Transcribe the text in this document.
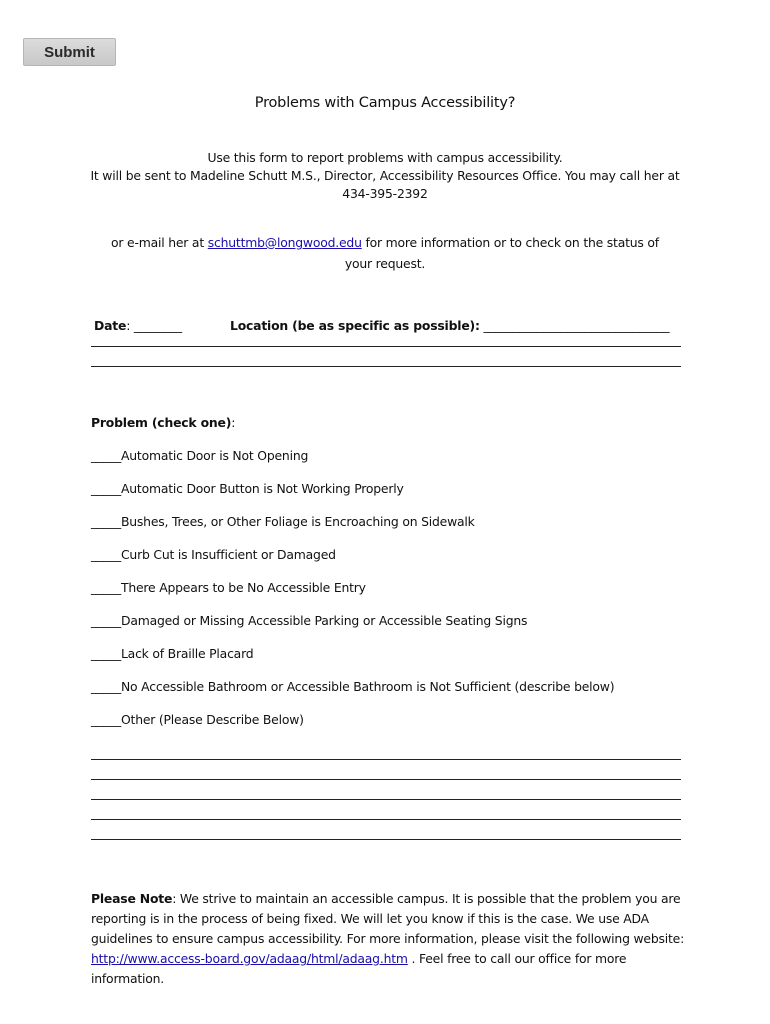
Submit
Problems with Campus Accessibility?
Use this form to report problems with campus accessibility.
It will be sent to Madeline Schutt M.S., Director, Accessibility Resources Office. You may call her at
434-395-2392
or e-mail her at schuttmb@longwood.edu for more information or to check on the status of
your request.
Date: ________	Location (be as specific as possible): _______________________________
Problem (check one):
_____Automatic Door is Not Opening
_____Automatic Door Button is Not Working Properly
_____Bushes, Trees, or Other Foliage is Encroaching on Sidewalk
_____Curb Cut is Insufficient or Damaged
_____There Appears to be No Accessible Entry
_____Damaged or Missing Accessible Parking or Accessible Seating Signs
_____Lack of Braille Placard
_____No Accessible Bathroom or Accessible Bathroom is Not Sufficient (describe below)
_____Other (Please Describe Below)
Please Note: We strive to maintain an accessible campus. It is possible that the problem you are reporting is in the process of being fixed. We will let you know if this is the case. We use ADA guidelines to ensure campus accessibility. For more information, please visit the following website: http://www.access-board.gov/adaag/html/adaag.htm . Feel free to call our office for more information.
